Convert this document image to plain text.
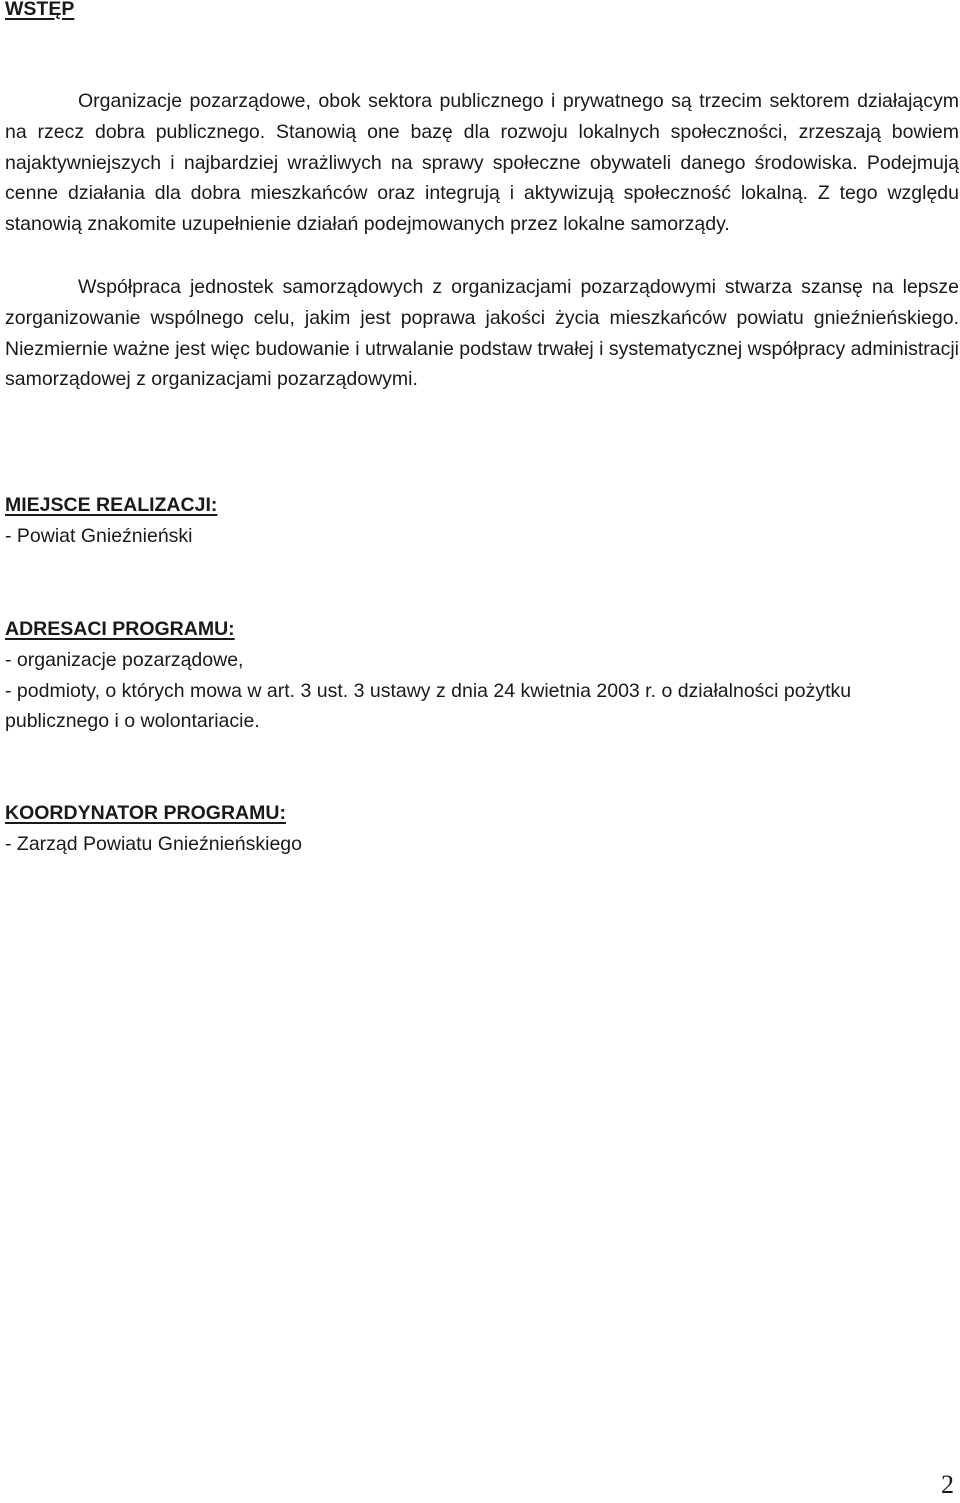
WSTĘP

Organizacje pozarządowe, obok sektora publicznego i prywatnego są trzecim sektorem działającym na rzecz dobra publicznego. Stanowią one bazę dla rozwoju lokalnych społeczności, zrzeszają bowiem najaktywniejszych i najbardziej wrażliwych na sprawy społeczne obywateli danego środowiska. Podejmują cenne działania dla dobra mieszkańców oraz integrują i aktywizują społeczność lokalną. Z tego względu stanowią znakomite uzupełnienie działań podejmowanych przez lokalne samorządy.

Współpraca jednostek samorządowych z organizacjami pozarządowymi stwarza szansę na lepsze zorganizowanie wspólnego celu, jakim jest poprawa jakości życia mieszkańców powiatu gnieźnieńskiego. Niezmiernie ważne jest więc budowanie i utrwalanie podstaw trwałej i systematycznej współpracy administracji samorządowej z organizacjami pozarządowymi.

MIEJSCE REALIZACJI:

- Powiat Gnieźnieński

ADRESACI PROGRAMU:

- organizacje pozarządowe,

- podmioty, o których mowa w art. 3 ust. 3 ustawy z dnia 24 kwietnia 2003 r. o działalności pożytku publicznego i o wolontariacie.

KOORDYNATOR PROGRAMU:

- Zarząd Powiatu Gnieźnieńskiego

2
